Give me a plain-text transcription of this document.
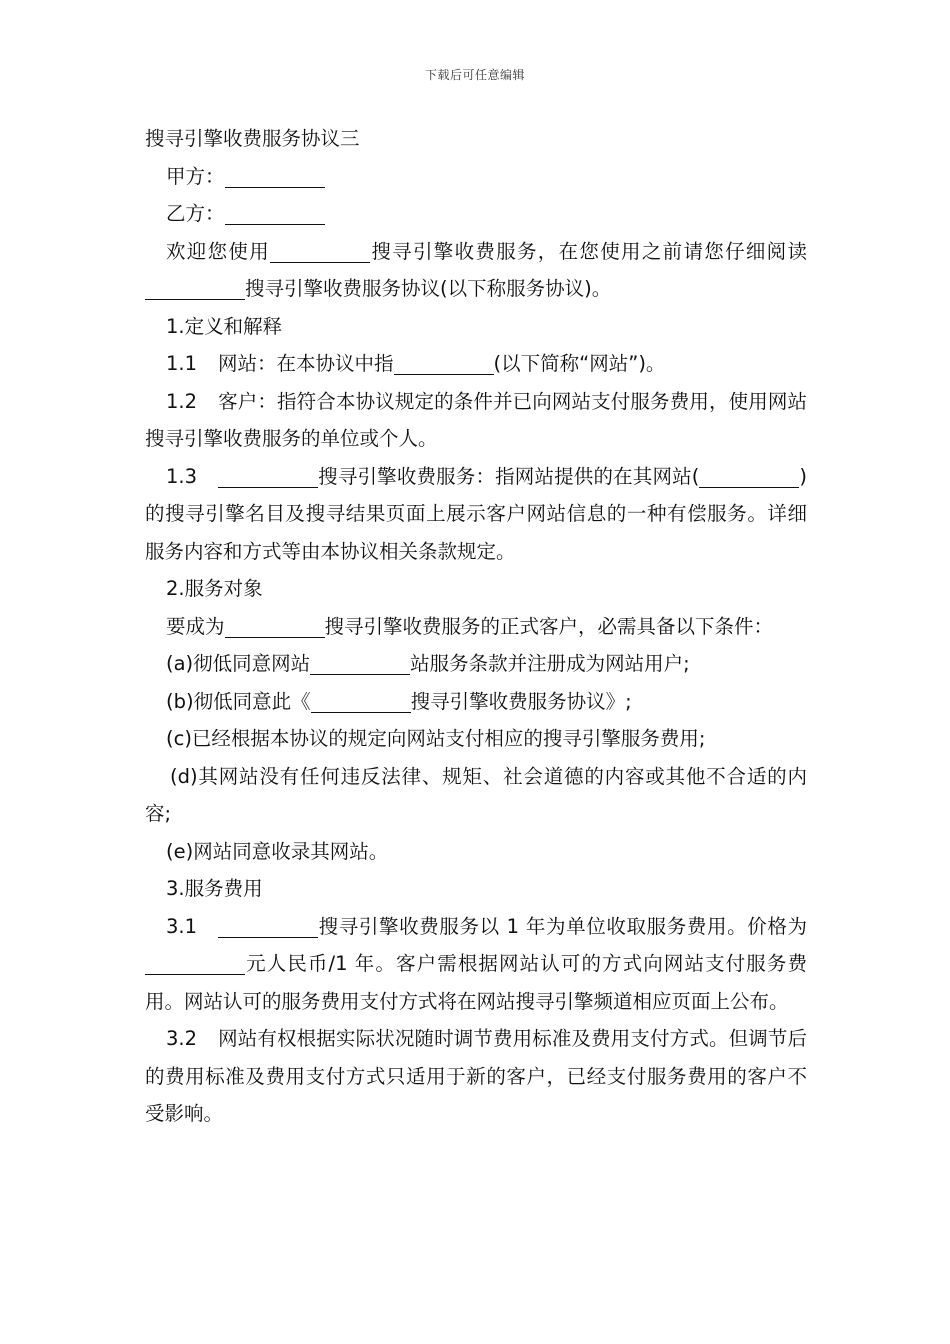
下载后可任意编辑

搜寻引擎收费服务协议三

甲方：

乙方：

欢迎您使用	搜寻引擎收费服务，在您使用之前请您仔细阅读搜寻引擎收费服务协议(以下称服务协议)。

1.定义和解释

1.1 网站：在本协议中指	(以下简称“网站”)。

1.2 客户：指符合本协议规定的条件并已向网站支付服务费用，使用网站搜寻引擎收费服务的单位或个人。

1.3	搜寻引擎收费服务：指网站提供的在其网站(	)的搜寻引擎名目及搜寻结果页面上展示客户网站信息的一种有偿服务。详细服务内容和方式等由本协议相关条款规定。

2.服务对象

要成为	搜寻引擎收费服务的正式客户，必需具备以下条件：

(a)彻低同意网站	站服务条款并注册成为网站用户;

(b)彻低同意此《	搜寻引擎收费服务协议》;

(c)已经根据本协议的规定向网站支付相应的搜寻引擎服务费用;

(d)其网站没有任何违反法律、规矩、社会道德的内容或其他不合适的内容;

(e)网站同意收录其网站。

3.服务费用

3.1	搜寻引擎收费服务以 1 年为单位收取服务费用。价格为元人民币/1 年。客户需根据网站认可的方式向网站支付服务费用。网站认可的服务费用支付方式将在网站搜寻引擎频道相应页面上公布。

3.2 网站有权根据实际状况随时调节费用标准及费用支付方式。但调节后的费用标准及费用支付方式只适用于新的客户，已经支付服务费用的客户不受影响。
